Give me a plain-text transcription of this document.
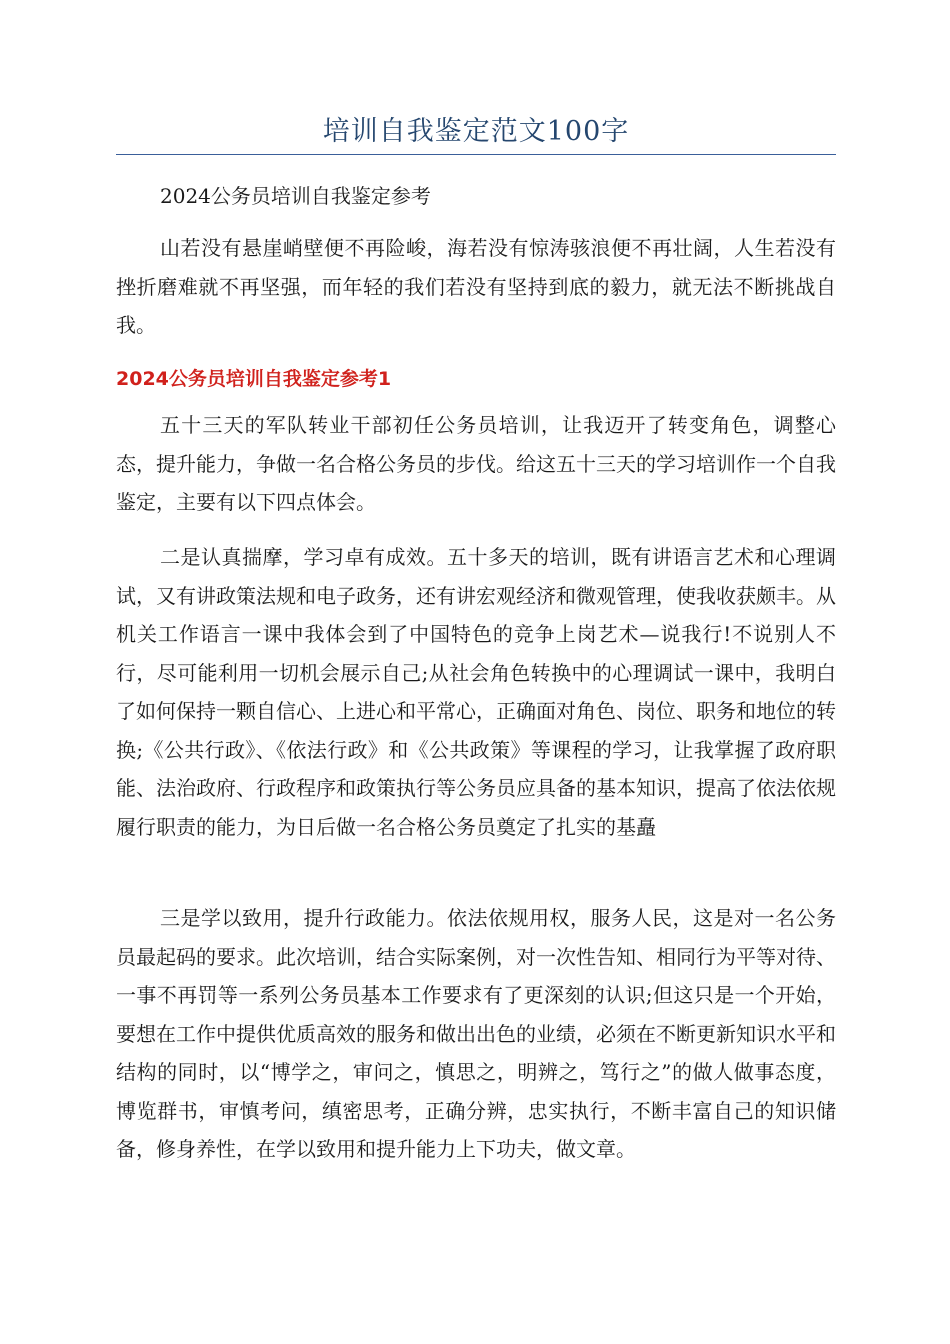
培训自我鉴定范文100字
2024公务员培训自我鉴定参考
山若没有悬崖峭壁便不再险峻，海若没有惊涛骇浪便不再壮阔，人生若没有挫折磨难就不再坚强，而年轻的我们若没有坚持到底的毅力，就无法不断挑战自我。
2024公务员培训自我鉴定参考1
五十三天的军队转业干部初任公务员培训，让我迈开了转变角色，调整心态，提升能力，争做一名合格公务员的步伐。给这五十三天的学习培训作一个自我鉴定，主要有以下四点体会。
二是认真揣摩，学习卓有成效。五十多天的培训，既有讲语言艺术和心理调试，又有讲政策法规和电子政务，还有讲宏观经济和微观管理，使我收获颇丰。从机关工作语言一课中我体会到了中国特色的竞争上岗艺术—说我行!不说别人不行，尽可能利用一切机会展示自己;从社会角色转换中的心理调试一课中，我明白了如何保持一颗自信心、上进心和平常心，正确面对角色、岗位、职务和地位的转换;《公共行政》、《依法行政》和《公共政策》等课程的学习，让我掌握了政府职能、法治政府、行政程序和政策执行等公务员应具备的基本知识，提高了依法依规履行职责的能力，为日后做一名合格公务员奠定了扎实的基矗
三是学以致用，提升行政能力。依法依规用权，服务人民，这是对一名公务员最起码的要求。此次培训，结合实际案例，对一次性告知、相同行为平等对待、一事不再罚等一系列公务员基本工作要求有了更深刻的认识;但这只是一个开始，要想在工作中提供优质高效的服务和做出出色的业绩，必须在不断更新知识水平和结构的同时，以“博学之，审问之，慎思之，明辨之，笃行之”的做人做事态度，博览群书，审慎考问，缜密思考，正确分辨，忠实执行，不断丰富自己的知识储备，修身养性，在学以致用和提升能力上下功夫，做文章。
